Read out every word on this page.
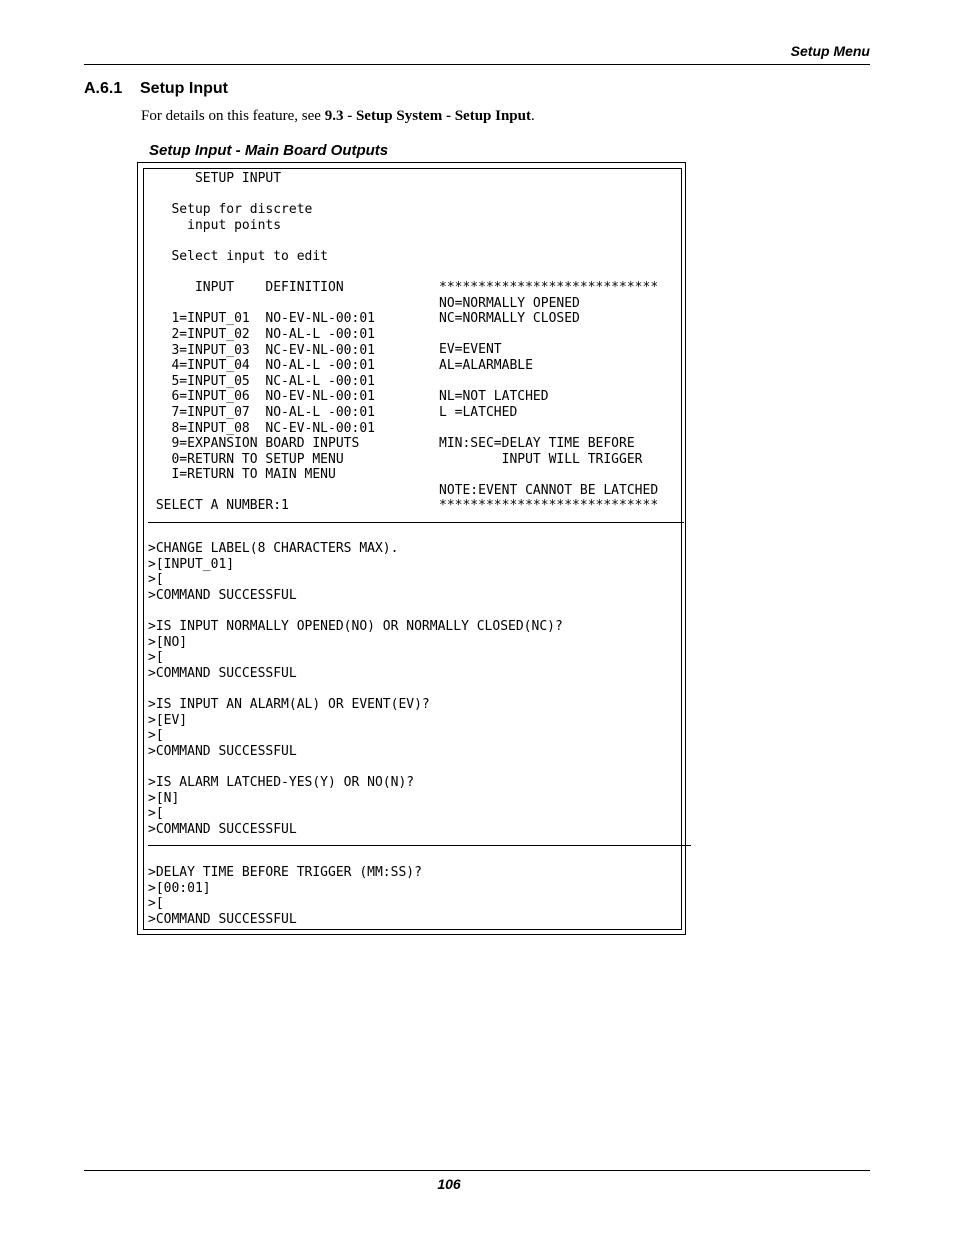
Setup Menu
A.6.1 Setup Input
For details on this feature, see 9.3 - Setup System - Setup Input.
Setup Input - Main Board Outputs
SETUP INPUT

Setup for discrete
input points

Select input to edit

INPUT    DEFINITION

1=INPUT_01  NO-EV-NL-00:01
2=INPUT_02  NO-AL-L -00:01
3=INPUT_03  NC-EV-NL-00:01
4=INPUT_04  NO-AL-L -00:01
5=INPUT_05  NC-AL-L -00:01
6=INPUT_06  NO-EV-NL-00:01
7=INPUT_07  NO-AL-L -00:01
8=INPUT_08  NC-EV-NL-00:01
9=EXPANSION BOARD INPUTS
0=RETURN TO SETUP MENU
I=RETURN TO MAIN MENU

SELECT A NUMBER:1
****************************
NO=NORMALLY OPENED
NC=NORMALLY CLOSED

EV=EVENT
AL=ALARMABLE

NL=NOT LATCHED
L =LATCHED

MIN:SEC=DELAY TIME BEFORE
INPUT WILL TRIGGER

NOTE:EVENT CANNOT BE LATCHED
****************************
>CHANGE LABEL(8 CHARACTERS MAX).
>[INPUT_01]
>[
>COMMAND SUCCESSFUL

>IS INPUT NORMALLY OPENED(NO) OR NORMALLY CLOSED(NC)?
>[NO]
>[
>COMMAND SUCCESSFUL

>IS INPUT AN ALARM(AL) OR EVENT(EV)?
>[EV]
>[
>COMMAND SUCCESSFUL

>IS ALARM LATCHED-YES(Y) OR NO(N)?
>[N]
>[
>COMMAND SUCCESSFUL
>DELAY TIME BEFORE TRIGGER (MM:SS)?
>[00:01]
>[
>COMMAND SUCCESSFUL
106
